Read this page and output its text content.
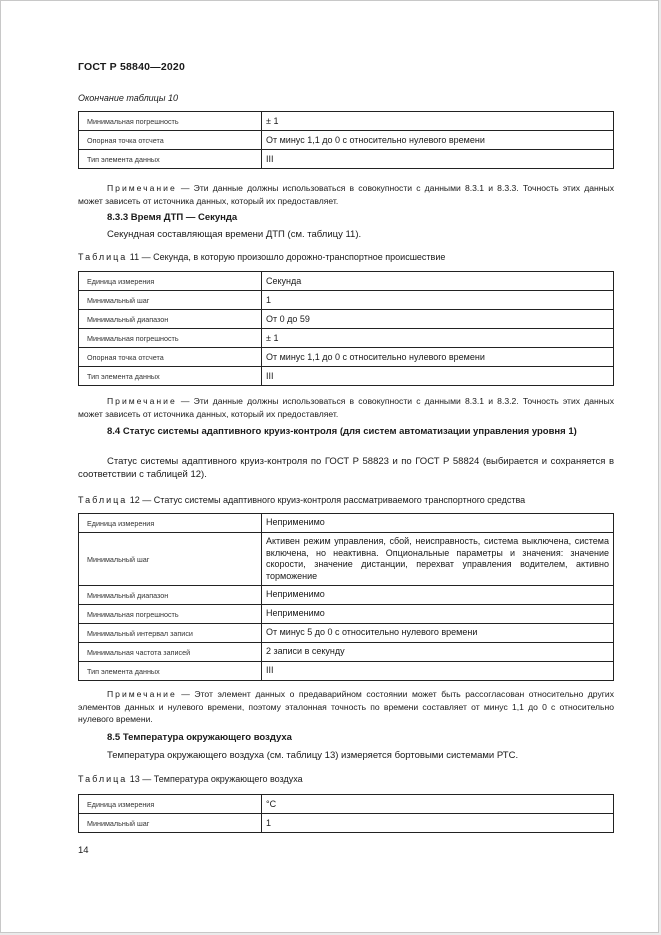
ГОСТ Р 58840—2020
Окончание таблицы 10
Минимальная погрешность	± 1
Опорная точка отсчета	От минус 1,1 до 0 с относительно нулевого времени
Тип элемента данных	III
Примечание — Эти данные должны использоваться в совокупности с данными 8.3.1 и 8.3.3. Точность этих данных может зависеть от источника данных, который их предоставляет.
8.3.3 Время ДТП — Секунда
Секундная составляющая времени ДТП (см. таблицу 11).
Таблица 11 — Секунда, в которую произошло дорожно-транспортное происшествие
Единица измерения	Секунда
Минимальный шаг	1
Минимальный диапазон	От 0 до 59
Минимальная погрешность	± 1
Опорная точка отсчета	От минус 1,1 до 0 с относительно нулевого времени
Тип элемента данных	III
Примечание — Эти данные должны использоваться в совокупности с данными 8.3.1 и 8.3.2. Точность этих данных может зависеть от источника данных, который их предоставляет.
8.4 Статус системы адаптивного круиз-контроля (для систем автоматизации управления уровня 1)
Статус системы адаптивного круиз-контроля по ГОСТ Р 58823 и по ГОСТ Р 58824 (выбирается и сохраняется в соответствии с таблицей 12).
Таблица 12 — Статус системы адаптивного круиз-контроля рассматриваемого транспортного средства
Единица измерения	Неприменимо
Минимальный шаг	Активен режим управления, сбой, неисправность, система выключена, система включена, но неактивна. Опциональные параметры и значения: значение скорости, значение дистанции, перехват управления водителем, активно торможение
Минимальный диапазон	Неприменимо
Минимальная погрешность	Неприменимо
Минимальный интервал записи	От минус 5 до 0 с относительно нулевого времени
Минимальная частота записей	2 записи в секунду
Тип элемента данных	III
Примечание — Этот элемент данных о предаварийном состоянии может быть рассогласован относительно других элементов данных и нулевого времени, поэтому эталонная точность по времени составляет от минус 1,1 до 0 с относительно нулевого времени.
8.5 Температура окружающего воздуха
Температура окружающего воздуха (см. таблицу 13) измеряется бортовыми системами РТС.
Таблица 13 — Температура окружающего воздуха
Единица измерения	°C
Минимальный шаг	1
14
